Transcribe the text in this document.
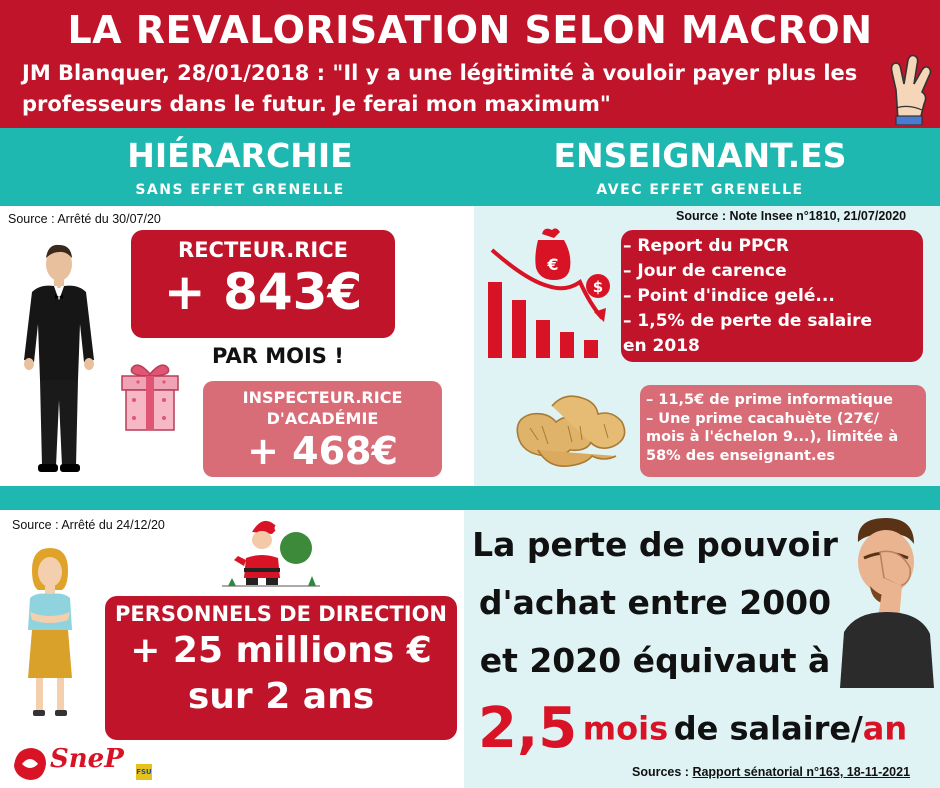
LA REVALORISATION SELON MACRON
JM Blanquer, 28/01/2018 : "Il y a une légitimité à vouloir payer plus les professeurs dans le futur. Je ferai mon maximum"
HIÉRARCHIE
SANS EFFET GRENELLE
ENSEIGNANT.ES
AVEC EFFET GRENELLE
Source : Arrêté du 30/07/20
RECTEUR.RICE
+ 843€
PAR MOIS !
INSPECTEUR.RICE
D'ACADÉMIE
+ 468€
Source : Note Insee n°1810, 21/07/2020
€
$
– Report du PPCR
– Jour de carence
– Point d'indice gelé...
– 1,5% de perte de salaire
en 2018
– 11,5€ de prime informatique
– Une prime cacahuète (27€/
mois à l'échelon 9...), limitée à
58% des enseignant.es
Source : Arrêté du 24/12/20
PERSONNELS DE DIRECTION
+ 25 millions €
sur 2 ans
La perte de pouvoir
d'achat entre 2000
et 2020 équivaut à
2,5 mois de salaire/an
Sources : Rapport sénatorial n°163, 18-11-2021
SneP FSU
